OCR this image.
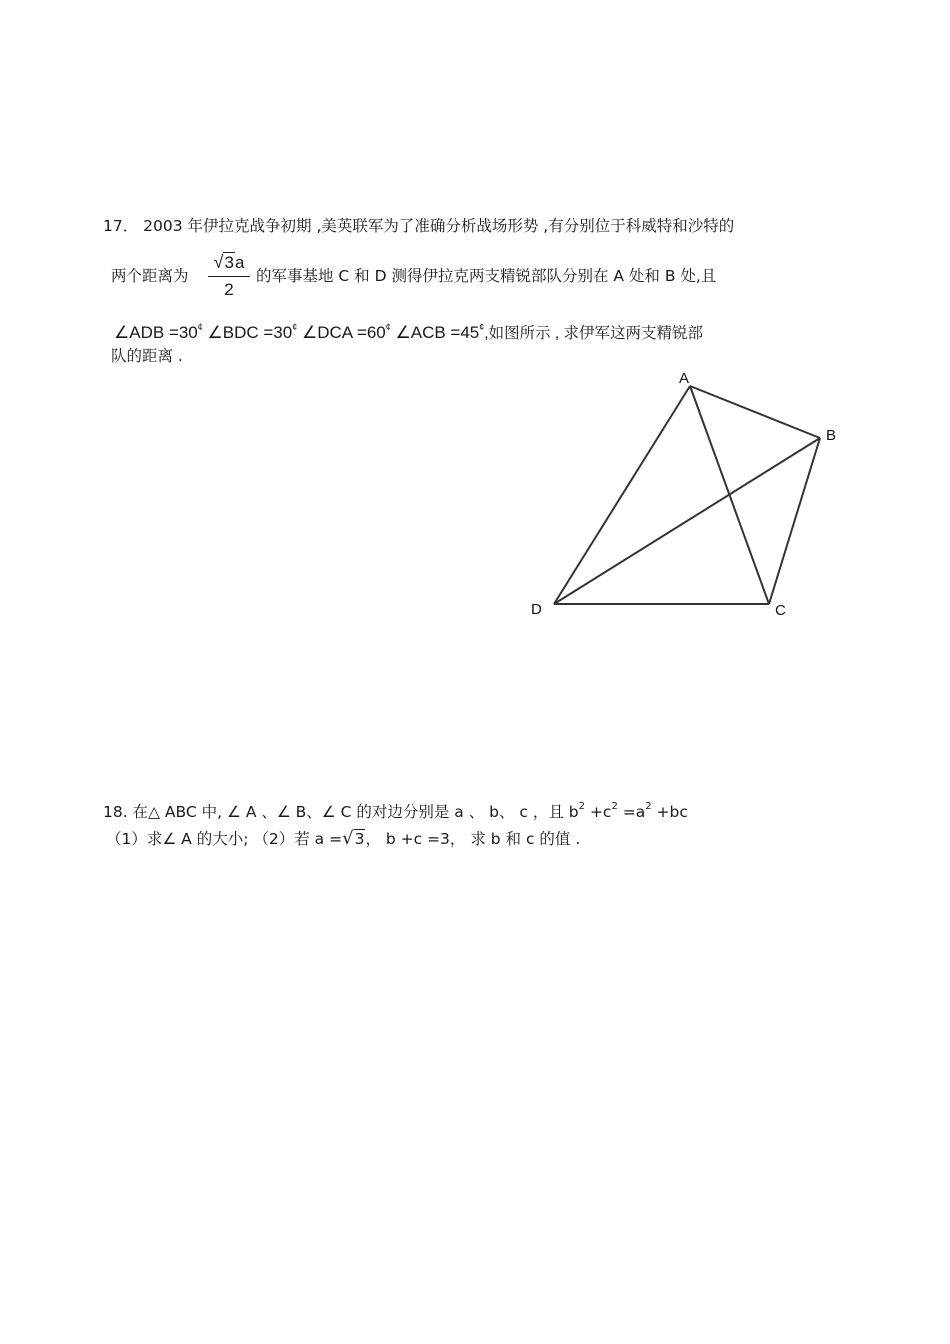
17． 2003 年伊拉克战争初期 ,美英联军为了准确分析战场形势 ,有分别位于科威特和沙特的
两个距离为
√3a
2
的军事基地 C 和 D 测得伊拉克两支精锐部队分别在 A 处和 B 处,且
∠ADB =30¢ ∠BDC =30¢ ∠DCA =60¢ ∠ACB =45¢,如图所示 , 求伊军这两支精锐部
队的距离 .
A
B
C
D
18. 在△ ABC 中, ∠ A 、∠ B、∠ C 的对边分别是 a 、 b、 c ，且 $b^2 +c^2 =a^2 +bc$
（1）求∠ A 的大小; （2）若 a =√3， b +c =3， 求 b 和 c 的值 .
